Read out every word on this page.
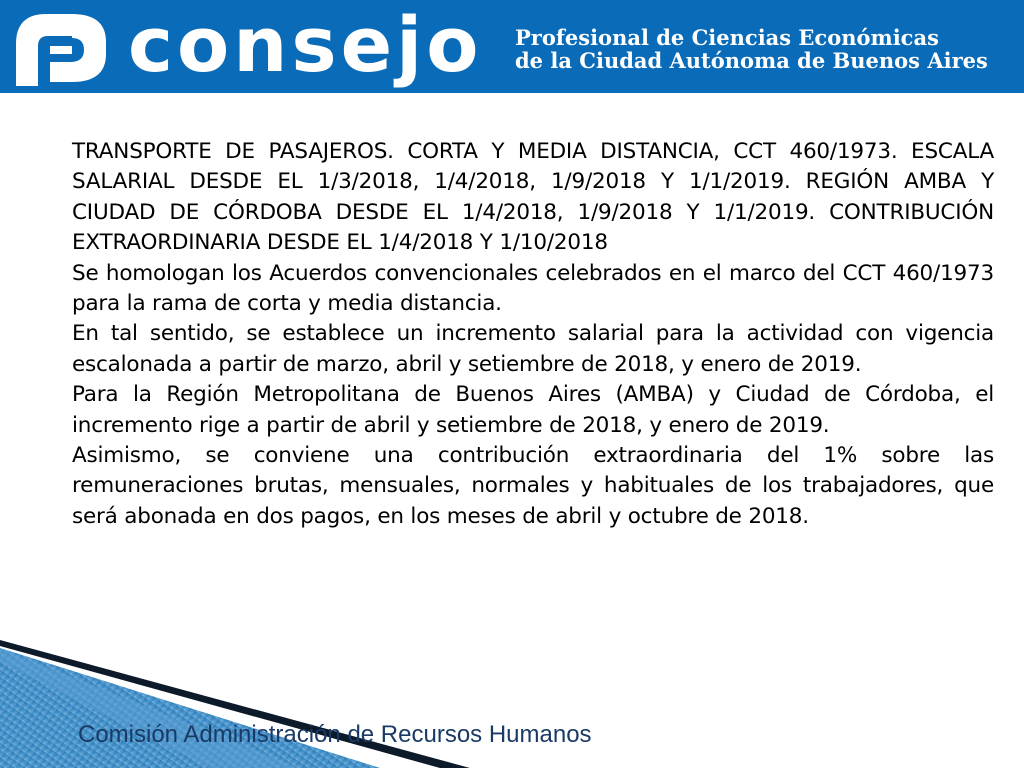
consejo Profesional de Ciencias Económicas
de la Ciudad Autónoma de Buenos Aires

TRANSPORTE DE PASAJEROS. CORTA Y MEDIA DISTANCIA, CCT 460/1973. ESCALA SALARIAL DESDE EL 1/3/2018, 1/4/2018, 1/9/2018 Y 1/1/2019. REGIÓN AMBA Y CIUDAD DE CÓRDOBA DESDE EL 1/4/2018, 1/9/2018 Y 1/1/2019. CONTRIBUCIÓN EXTRAORDINARIA DESDE EL 1/4/2018 Y 1/10/2018

Se homologan los Acuerdos convencionales celebrados en el marco del CCT 460/1973 para la rama de corta y media distancia.

En tal sentido, se establece un incremento salarial para la actividad con vigencia escalonada a partir de marzo, abril y setiembre de 2018, y enero de 2019.

Para la Región Metropolitana de Buenos Aires (AMBA) y Ciudad de Córdoba, el incremento rige a partir de abril y setiembre de 2018, y enero de 2019.

Asimismo, se conviene una contribución extraordinaria del 1% sobre las remuneraciones brutas, mensuales, normales y habituales de los trabajadores, que será abonada en dos pagos, en los meses de abril y octubre de 2018.

Comisión Administración de Recursos Humanos
